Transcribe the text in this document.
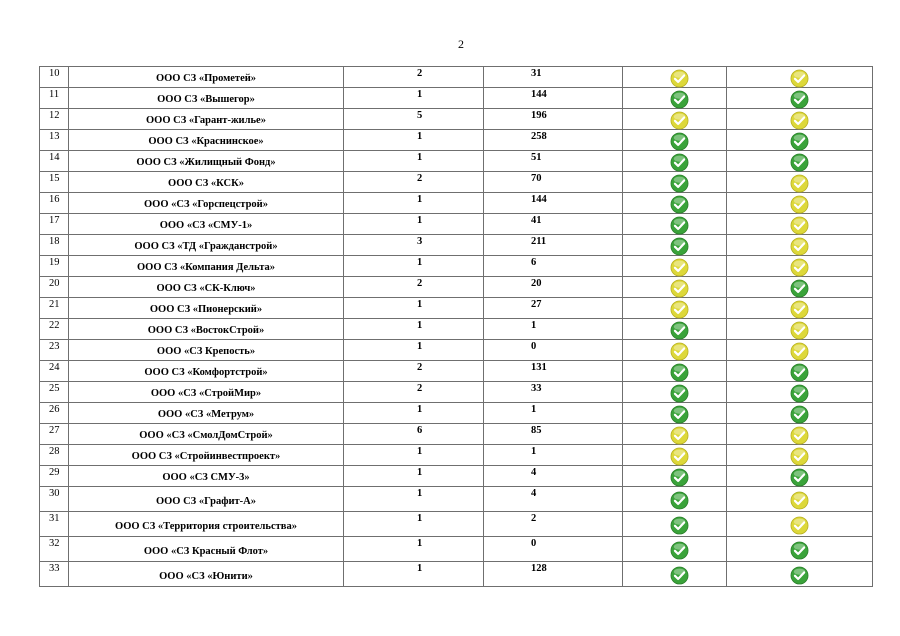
2
10	ООО СЗ «Прометей»	2	31	

11	ООО СЗ «Вышегор»	1	144	

12	ООО СЗ «Гарант-жилье»	5	196	

13	ООО СЗ «Краснинское»	1	258	

14	ООО СЗ «Жилищный Фонд»	1	51	

15	ООО СЗ «КСК»	2	70	

16	ООО «СЗ «Горспецстрой»	1	144	

17	ООО «СЗ «СМУ-1»	1	41	

18	ООО СЗ «ТД «Гражданстрой»	3	211	

19	ООО СЗ «Компания Дельта»	1	6	

20	ООО СЗ «СК-Ключ»	2	20	

21	ООО СЗ «Пионерский»	1	27	

22	ООО СЗ «ВостокСтрой»	1	1	

23	ООО «СЗ Крепость»	1	0	

24	ООО СЗ «Комфортстрой»	2	131	

25	ООО «СЗ «СтройМир»	2	33	

26	ООО «СЗ «Метрум»	1	1	

27	ООО «СЗ «СмолДомСтрой»	6	85	

28	ООО СЗ «Стройинвестпроект»	1	1	

29	ООО «СЗ СМУ-3»	1	4	

30	ООО СЗ «Графит-А»	1	4	

31	ООО СЗ «Территория строительства»	1	2	

32	ООО «СЗ Красный Флот»	1	0	

33	ООО «СЗ «Юнити»	1	128	
